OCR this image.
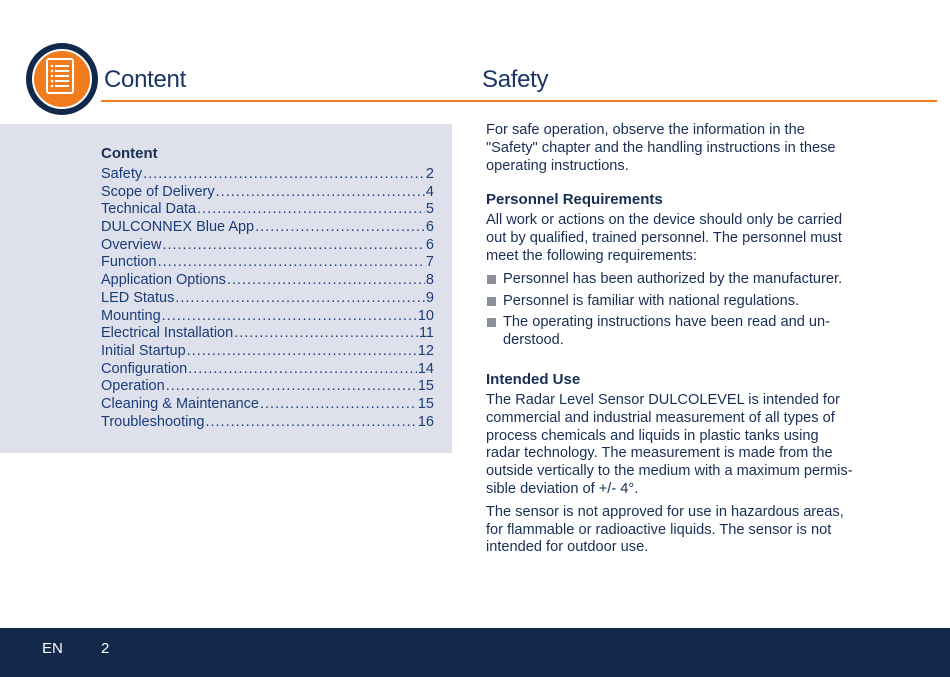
Content	Safety
Content
Safety .....	2
Scope of Delivery .....	4
Technical Data .....	5
DULCONNEX Blue App .....	6
Overview .....	6
Function .....	7
Application Options .....	8
LED Status .....	9
Mounting .....	10
Electrical Installation .....	11
Initial Startup .....	12
Configuration .....	14
Operation .....	15
Cleaning & Maintenance .....	15
Troubleshooting .....	16

For safe operation, observe the information in the "Safety" chapter and the handling instructions in these operating instructions.

Personnel Requirements

All work or actions on the device should only be carried out by qualified, trained personnel. The personnel must meet the following requirements:

Personnel has been authorized by the manufacturer.
Personnel is familiar with national regulations.
The operating instructions have been read and un-derstood.
Intended Use

The Radar Level Sensor DULCOLEVEL is intended for commercial and industrial measurement of all types of process chemicals and liquids in plastic tanks using radar technology. The measurement is made from the outside vertically to the medium with a maximum permis-sible deviation of +/- 4°.

The sensor is not approved for use in hazardous areas, for flammable or radioactive liquids. The sensor is not intended for outdoor use.

EN	2
